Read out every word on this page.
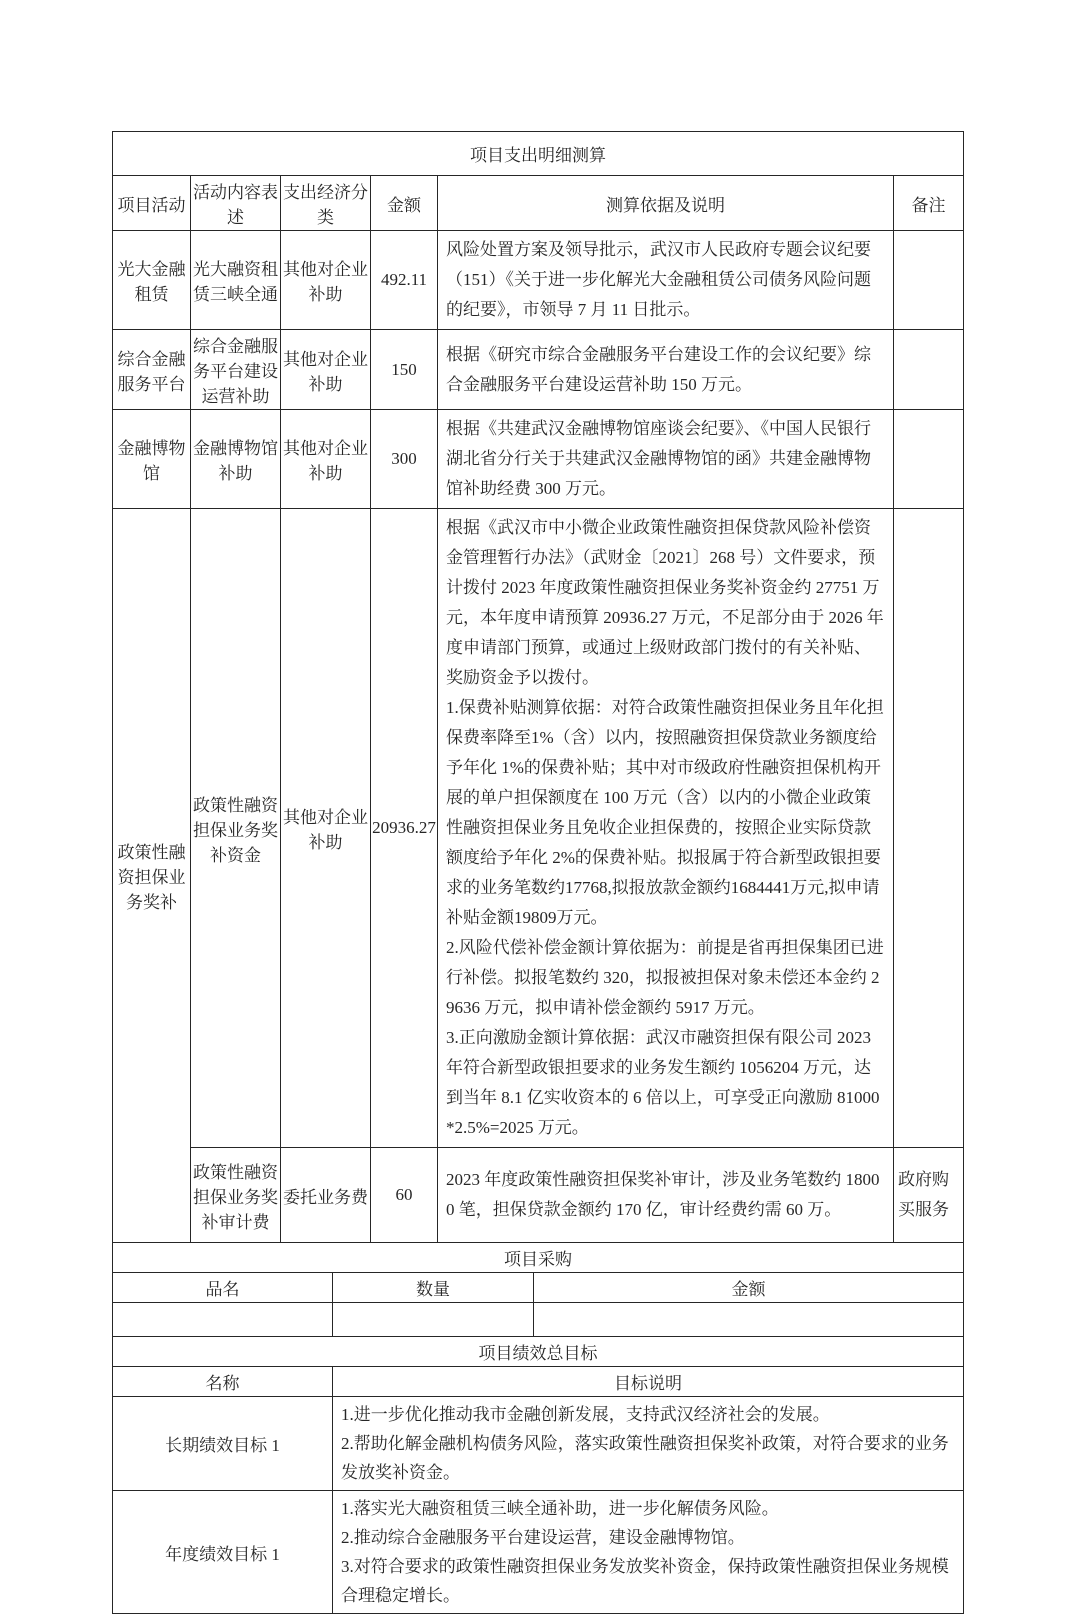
项目支出明细测算					
项目活动	活动内容表述	支出经济分类	金额	测算依据及说明	备注
光大金融租赁	光大融资租赁三峡全通	其他对企业补助	492.11	风险处置方案及领导批示，武汉市人民政府专题会议纪要（151）《关于进一步化解光大金融租赁公司债务风险问题的纪要》，市领导 7 月 11 日批示。	
综合金融服务平台	综合金融服务平台建设运营补助	其他对企业补助	150	根据《研究市综合金融服务平台建设工作的会议纪要》综合金融服务平台建设运营补助 150 万元。	
金融博物馆	金融博物馆补助	其他对企业补助	300	根据《共建武汉金融博物馆座谈会纪要》、《中国人民银行湖北省分行关于共建武汉金融博物馆的函》共建金融博物馆补助经费 300 万元。	
政策性融资担保业务奖补	政策性融资担保业务奖补资金	其他对企业补助	20936.27	根据《武汉市中小微企业政策性融资担保贷款风险补偿资金管理暂行办法》（武财金〔2021〕268 号）文件要求，预计拨付 2023 年度政策性融资担保业务奖补资金约 27751 万元，本年度申请预算 20936.27 万元，不足部分由于 2026 年度申请部门预算，或通过上级财政部门拨付的有关补贴、奖励资金予以拨付。

1.保费补贴测算依据：对符合政策性融资担保业务且年化担保费率降至1%（含）以内，按照融资担保贷款业务额度给予年化 1%的保费补贴；其中对市级政府性融资担保机构开展的单户担保额度在 100 万元（含）以内的小微企业政策性融资担保业务且免收企业担保费的，按照企业实际贷款额度给予年化 2%的保费补贴。拟报属于符合新型政银担要求的业务笔数约17768,拟报放款金额约1684441万元,拟申请补贴金额19809万元。

2.风险代偿补偿金额计算依据为：前提是省再担保集团已进行补偿。拟报笔数约 320，拟报被担保对象未偿还本金约 29636 万元，拟申请补偿金额约 5917 万元。

3.正向激励金额计算依据：武汉市融资担保有限公司 2023 年符合新型政银担要求的业务发生额约 1056204 万元，达到当年 8.1 亿实收资本的 6 倍以上，可享受正向激励 81000*2.5%=2025 万元。	

	政策性融资担保业务奖补审计费	委托业务费	60	2023 年度政策性融资担保奖补审计，涉及业务笔数约 18000 笔，担保贷款金额约 170 亿，审计经费约需 60 万。	政府购买服务
项目采购		
品名	数量	金额

项目绩效总目标	
名称	目标说明
长期绩效目标 1	1.进一步优化推动我市金融创新发展，支持武汉经济社会的发展。

2.帮助化解金融机构债务风险，落实政策性融资担保奖补政策，对符合要求的业务发放奖补资金。

年度绩效目标 1	1.落实光大融资租赁三峡全通补助，进一步化解债务风险。

2.推动综合金融服务平台建设运营，建设金融博物馆。

3.对符合要求的政策性融资担保业务发放奖补资金，保持政策性融资担保业务规模合理稳定增长。
